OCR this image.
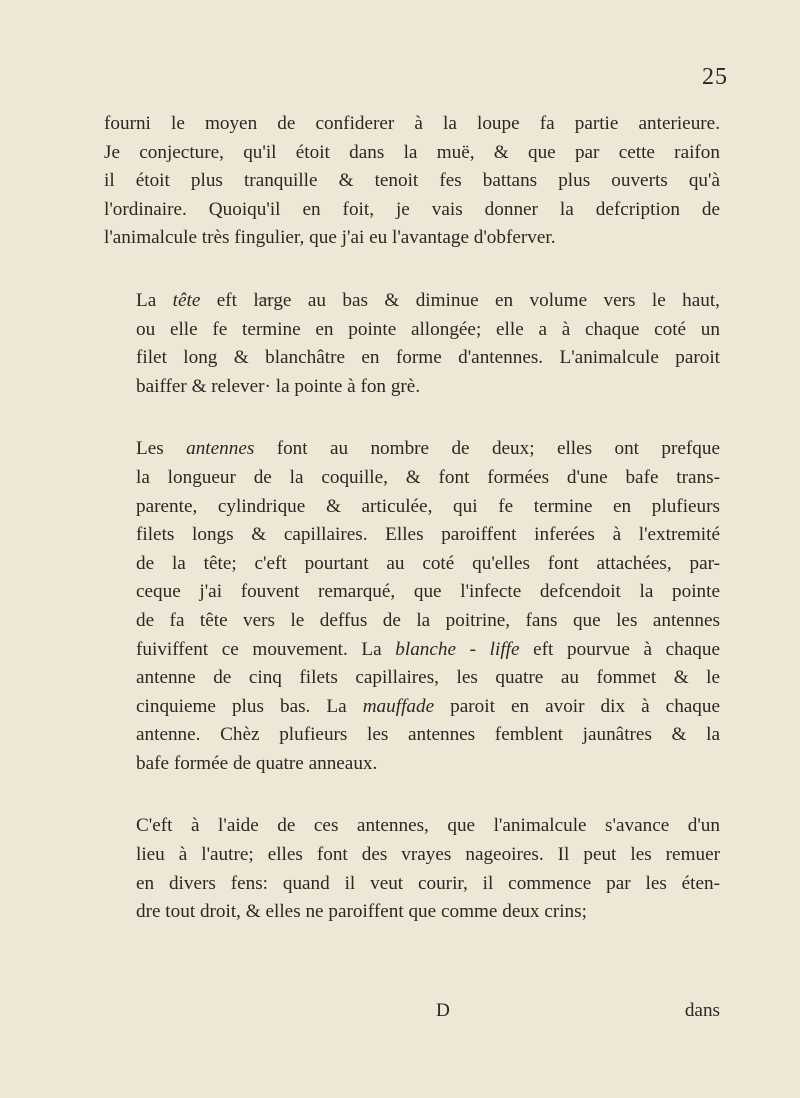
25

fourni le moyen de confiderer à la loupe fa partie anterieure.
Je conjecture, qu'il étoit dans la muë, & que par cette raifon
il étoit plus tranquille & tenoit fes battans plus ouverts qu'à
l'ordinaire. Quoiqu'il en foit, je vais donner la defcription de
l'animalcule très fingulier, que j'ai eu l'avantage d'obferver.

La tête eft large au bas & diminue en volume vers le haut,
ou elle fe termine en pointe allongée; elle a à chaque coté un
filet long & blanchâtre en forme d'antennes. L'animalcule paroit
baiffer & relever· la pointe à fon grè.

Les antennes font au nombre de deux; elles ont prefque
la longueur de la coquille, & font formées d'une bafe trans-
parente, cylindrique & articulée, qui fe termine en plufieurs
filets longs & capillaires. Elles paroiffent inferées à l'extremité
de la tête; c'eft pourtant au coté qu'elles font attachées, par-
ceque j'ai fouvent remarqué, que l'infecte defcendoit la pointe
de fa tête vers le deffus de la poitrine, fans que les antennes
fuiviffent ce mouvement. La blanche - liffe eft pourvue à chaque
antenne de cinq filets capillaires, les quatre au fommet & le
cinquieme plus bas. La mauffade paroit en avoir dix à chaque
antenne. Chèz plufieurs les antennes femblent jaunâtres & la
bafe formée de quatre anneaux.

C'eft à l'aide de ces antennes, que l'animalcule s'avance d'un
lieu à l'autre; elles font des vrayes nageoires. Il peut les remuer
en divers fens: quand il veut courir, il commence par les éten-
dre tout droit, & elles ne paroiffent que comme deux crins;

D	dans
